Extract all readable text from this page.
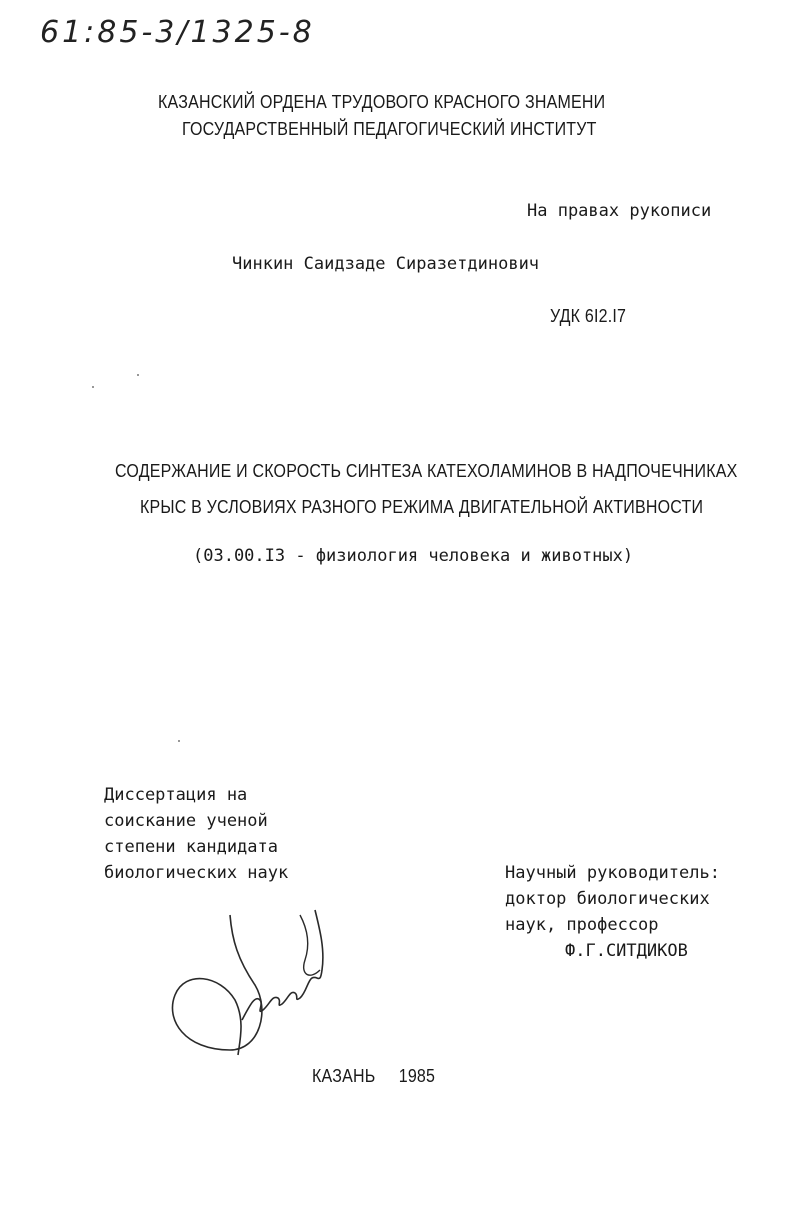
61:85-3/1325-8
КАЗАНСКИЙ ОРДЕНА ТРУДОВОГО КРАСНОГО ЗНАМЕНИ
ГОСУДАРСТВЕННЫЙ ПЕДАГОГИЧЕСКИЙ ИНСТИТУТ
На правах рукописи
Чинкин Саидзаде Сиразетдинович
УДК 6I2.I7
СОДЕРЖАНИЕ И СКОРОСТЬ СИНТЕЗА КАТЕХОЛАМИНОВ В НАДПОЧЕЧНИКАХ
КРЫС В УСЛОВИЯХ РАЗНОГО РЕЖИМА ДВИГАТЕЛЬНОЙ АКТИВНОСТИ
(03.00.I3 - физиология человека и животных)
Диссертация на
соискание ученой
степени кандидата
биологических наук	Научный руководитель:
доктор биологических
наук, профессор
Ф.Г.СИТДИКОВ
КАЗАНЬ 1985
